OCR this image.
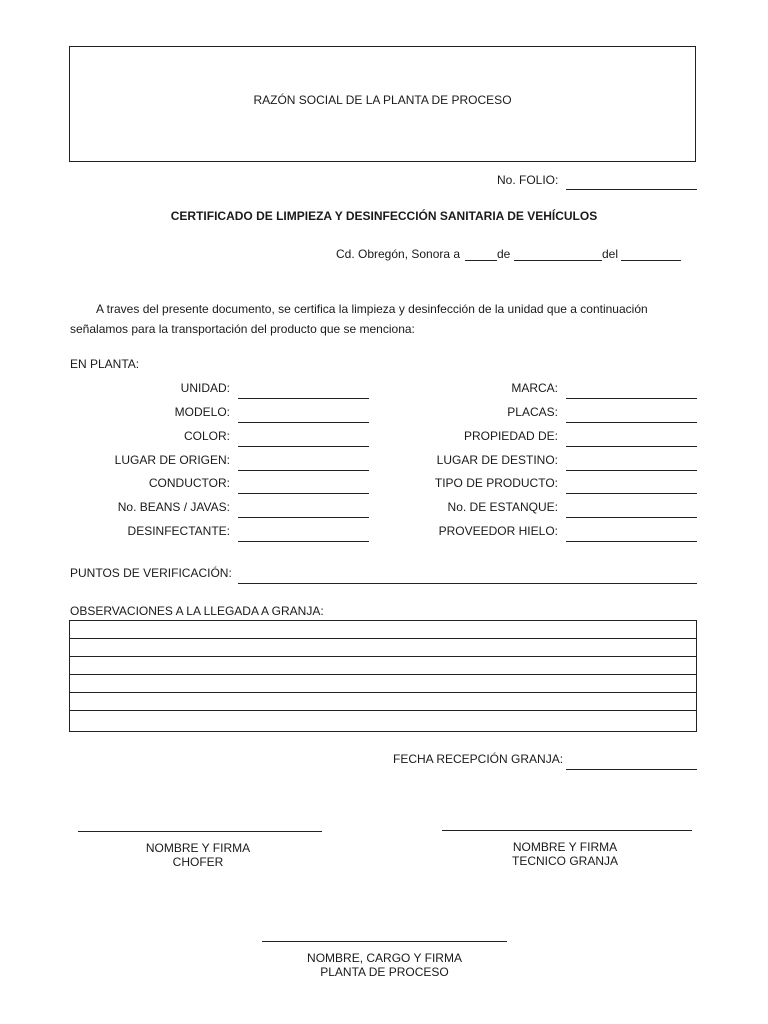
RAZÓN SOCIAL DE LA PLANTA DE PROCESO
No. FOLIO:
CERTIFICADO DE LIMPIEZA Y DESINFECCIÓN SANITARIA DE VEHÍCULOS
Cd. Obregón, Sonora a	de	del
A traves del presente documento, se certifica la limpieza y desinfección de la unidad que a continuación
señalamos para la transportación del producto que se menciona:
EN PLANTA:
UNIDAD:
MODELO:
COLOR:
LUGAR DE ORIGEN:
CONDUCTOR:
No. BEANS / JAVAS:
DESINFECTANTE:
MARCA:
PLACAS:
PROPIEDAD DE:
LUGAR DE DESTINO:
TIPO DE PRODUCTO:
No. DE ESTANQUE:
PROVEEDOR HIELO:
PUNTOS DE VERIFICACIÓN:
OBSERVACIONES A LA LLEGADA A GRANJA:
FECHA RECEPCIÓN GRANJA:
NOMBRE Y FIRMA
CHOFER
NOMBRE Y FIRMA
TECNICO GRANJA
NOMBRE, CARGO Y FIRMA
PLANTA DE PROCESO
